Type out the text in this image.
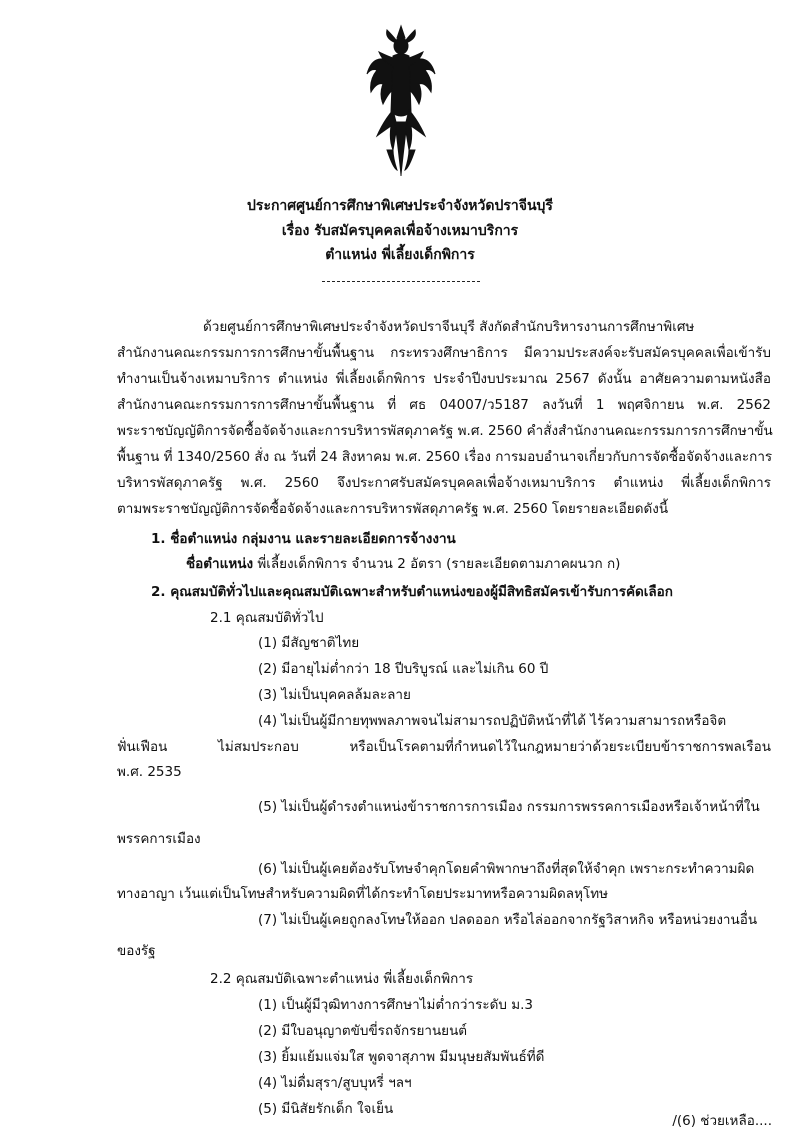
ประกาศศูนย์การศึกษาพิเศษประจำจังหวัดปราจีนบุรี
เรื่อง รับสมัครบุคคลเพื่อจ้างเหมาบริการ
ตำแหน่ง พี่เลี้ยงเด็กพิการ
ด้วยศูนย์การศึกษาพิเศษประจำจังหวัดปราจีนบุรี สังกัดสำนักบริหารงานการศึกษาพิเศษ
สำนักงานคณะกรรมการการศึกษาขั้นพื้นฐาน กระทรวงศึกษาธิการ มีความประสงค์จะรับสมัครบุคคลเพื่อเข้ารับ
ทำงานเป็นจ้างเหมาบริการ ตำแหน่ง พี่เลี้ยงเด็กพิการ ประจำปีงบประมาณ 2567 ดังนั้น อาศัยความตามหนังสือ
สำนักงานคณะกรรมการการศึกษาขั้นพื้นฐาน ที่ ศธ 04007/ว5187 ลงวันที่ 1 พฤศจิกายน พ.ศ. 2562
พระราชบัญญัติการจัดซื้อจัดจ้างและการบริหารพัสดุภาครัฐ พ.ศ. 2560 คำสั่งสำนักงานคณะกรรมการการศึกษาขั้น
พื้นฐาน ที่ 1340/2560 สั่ง ณ วันที่ 24 สิงหาคม พ.ศ. 2560 เรื่อง การมอบอำนาจเกี่ยวกับการจัดซื้อจัดจ้างและการ
บริหารพัสดุภาครัฐ พ.ศ. 2560 จึงประกาศรับสมัครบุคคลเพื่อจ้างเหมาบริการ ตำแหน่ง พี่เลี้ยงเด็กพิการ
ตามพระราชบัญญัติการจัดซื้อจัดจ้างและการบริหารพัสดุภาครัฐ พ.ศ. 2560 โดยรายละเอียดดังนี้
1. ชื่อตำแหน่ง กลุ่มงาน และรายละเอียดการจ้างงาน
ชื่อตำแหน่ง พี่เลี้ยงเด็กพิการ จำนวน 2 อัตรา (รายละเอียดตามภาคผนวก ก)
2. คุณสมบัติทั่วไปและคุณสมบัติเฉพาะสำหรับตำแหน่งของผู้มีสิทธิสมัครเข้ารับการคัดเลือก
2.1 คุณสมบัติทั่วไป
(1) มีสัญชาติไทย
(2) มีอายุไม่ต่ำกว่า 18 ปีบริบูรณ์ และไม่เกิน 60 ปี
(3) ไม่เป็นบุคคลล้มละลาย
(4) ไม่เป็นผู้มีกายทุพพลภาพจนไม่สามารถปฏิบัติหน้าที่ได้ ไร้ความสามารถหรือจิต
ฟั่นเฟือน ไม่สมประกอบ หรือเป็นโรคตามที่กำหนดไว้ในกฎหมายว่าด้วยระเบียบข้าราชการพลเรือน
พ.ศ. 2535
(5) ไม่เป็นผู้ดำรงตำแหน่งข้าราชการการเมือง กรรมการพรรคการเมืองหรือเจ้าหน้าที่ใน
พรรคการเมือง
(6) ไม่เป็นผู้เคยต้องรับโทษจำคุกโดยคำพิพากษาถึงที่สุดให้จำคุก เพราะกระทำความผิด
ทางอาญา เว้นแต่เป็นโทษสำหรับความผิดที่ได้กระทำโดยประมาทหรือความผิดลหุโทษ
(7) ไม่เป็นผู้เคยถูกลงโทษให้ออก ปลดออก หรือไล่ออกจากรัฐวิสาหกิจ หรือหน่วยงานอื่น
ของรัฐ
2.2 คุณสมบัติเฉพาะตำแหน่ง พี่เลี้ยงเด็กพิการ
(1) เป็นผู้มีวุฒิทางการศึกษาไม่ต่ำกว่าระดับ ม.3
(2) มีใบอนุญาตขับขี่รถจักรยานยนต์
(3) ยิ้มแย้มแจ่มใส พูดจาสุภาพ มีมนุษยสัมพันธ์ที่ดี
(4) ไม่ดื่มสุรา/สูบบุหรี่ ฯลฯ
(5) มีนิสัยรักเด็ก ใจเย็น
/(6) ช่วยเหลือ....
